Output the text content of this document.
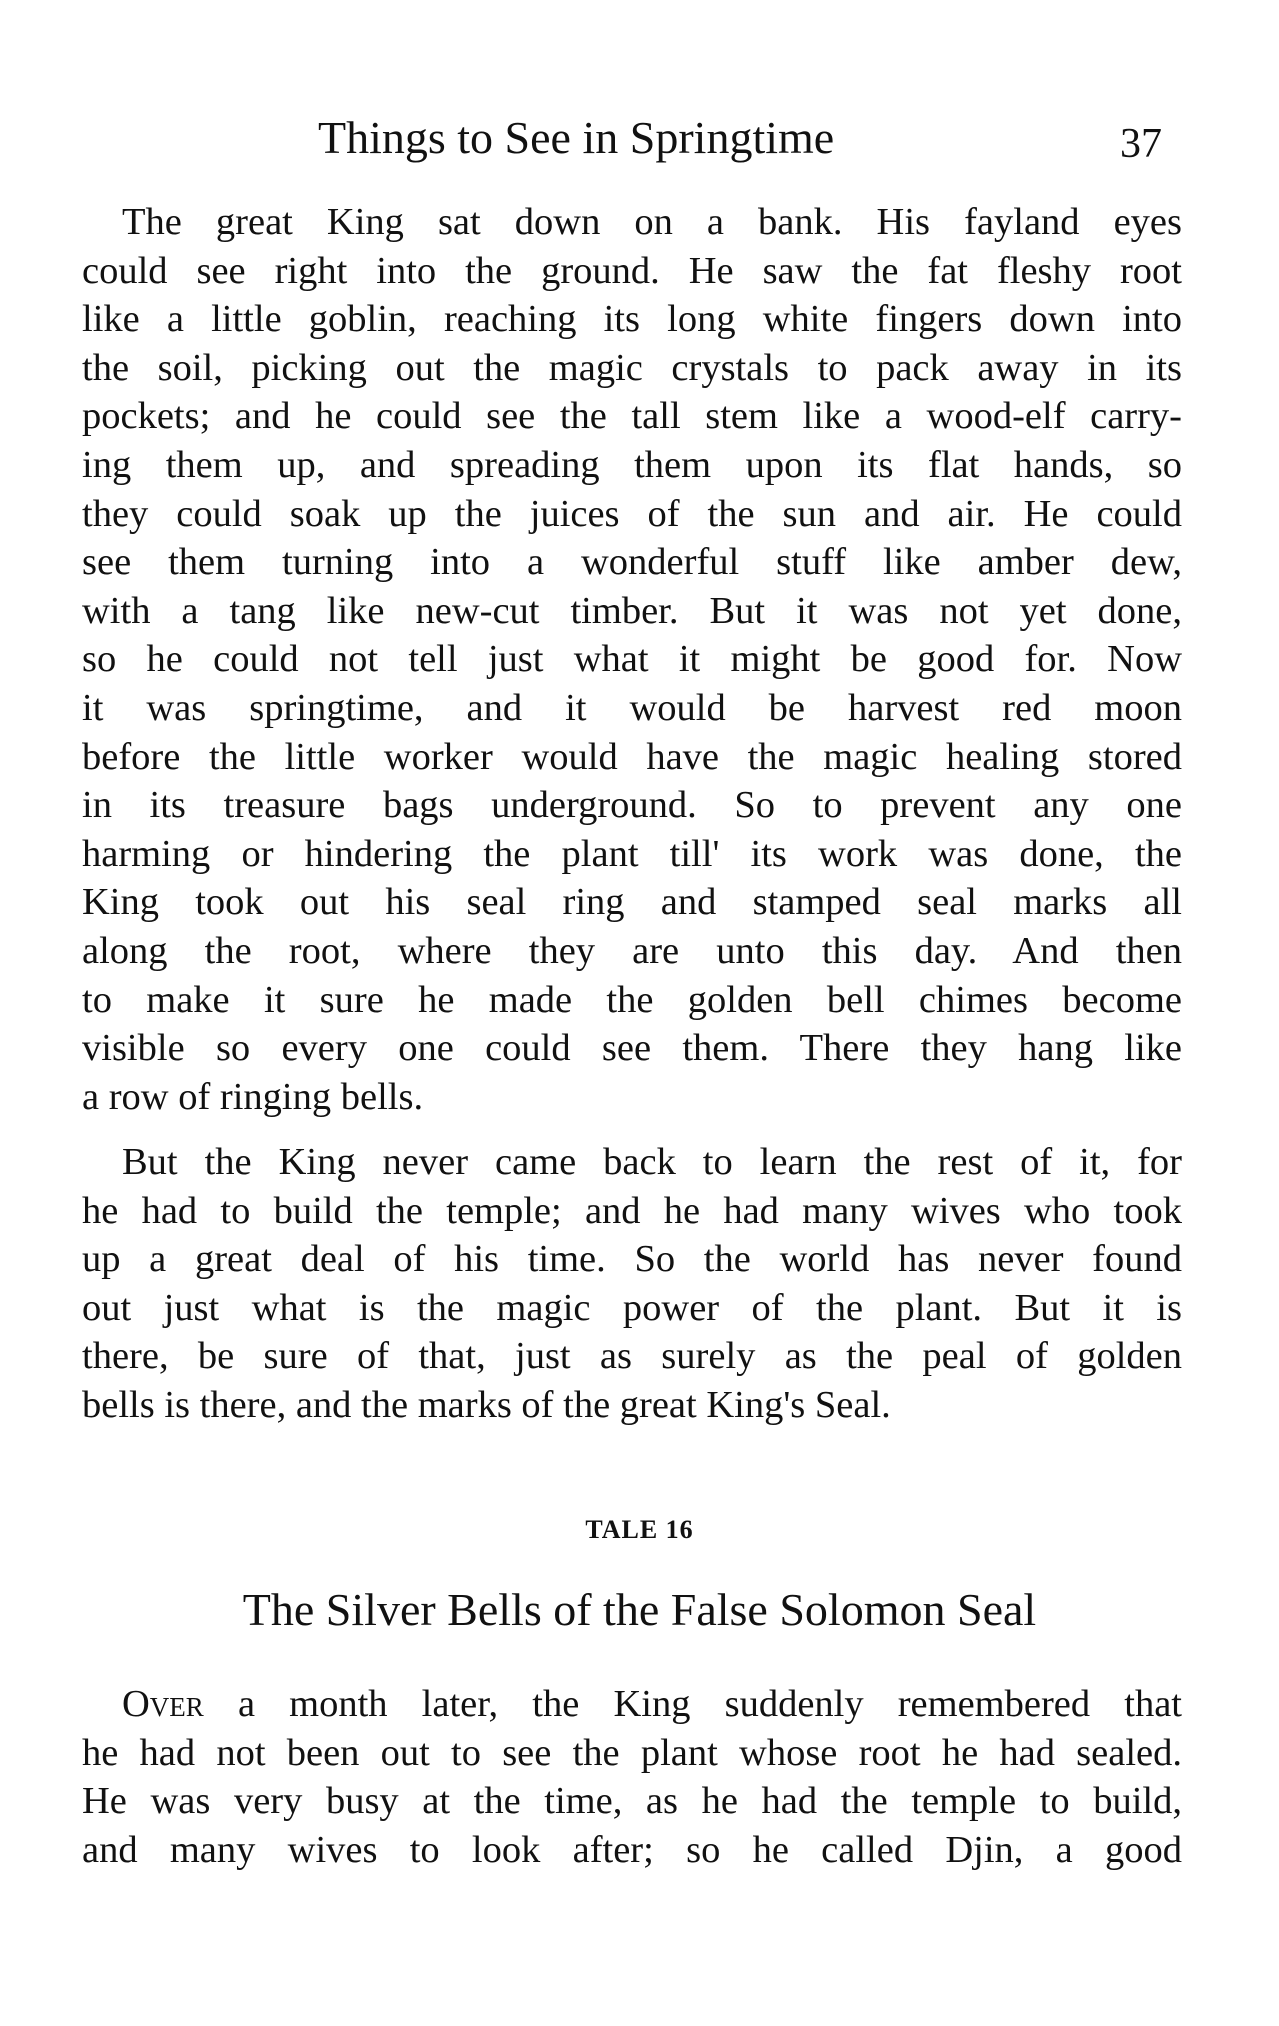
Things to See in Springtime	37
The great King sat down on a bank. His fayland eyes
could see right into the ground. He saw the fat fleshy root
like a little goblin, reaching its long white fingers down into
the soil, picking out the magic crystals to pack away in its
pockets; and he could see the tall stem like a wood-elf carry-
ing them up, and spreading them upon its flat hands, so
they could soak up the juices of the sun and air. He could
see them turning into a wonderful stuff like amber dew,
with a tang like new-cut timber. But it was not yet done,
so he could not tell just what it might be good for. Now
it was springtime, and it would be harvest red moon
before the little worker would have the magic healing stored
in its treasure bags underground. So to prevent any one
harming or hindering the plant till' its work was done, the
King took out his seal ring and stamped seal marks all
along the root, where they are unto this day. And then
to make it sure he made the golden bell chimes become
visible so every one could see them. There they hang like
a row of ringing bells.
But the King never came back to learn the rest of it, for
he had to build the temple; and he had many wives who took
up a great deal of his time. So the world has never found
out just what is the magic power of the plant. But it is
there, be sure of that, just as surely as the peal of golden
bells is there, and the marks of the great King's Seal.
TALE 16
The Silver Bells of the False Solomon Seal
Over a month later, the King suddenly remembered that
he had not been out to see the plant whose root he had sealed.
He was very busy at the time, as he had the temple to build,
and many wives to look after; so he called Djin, a good
